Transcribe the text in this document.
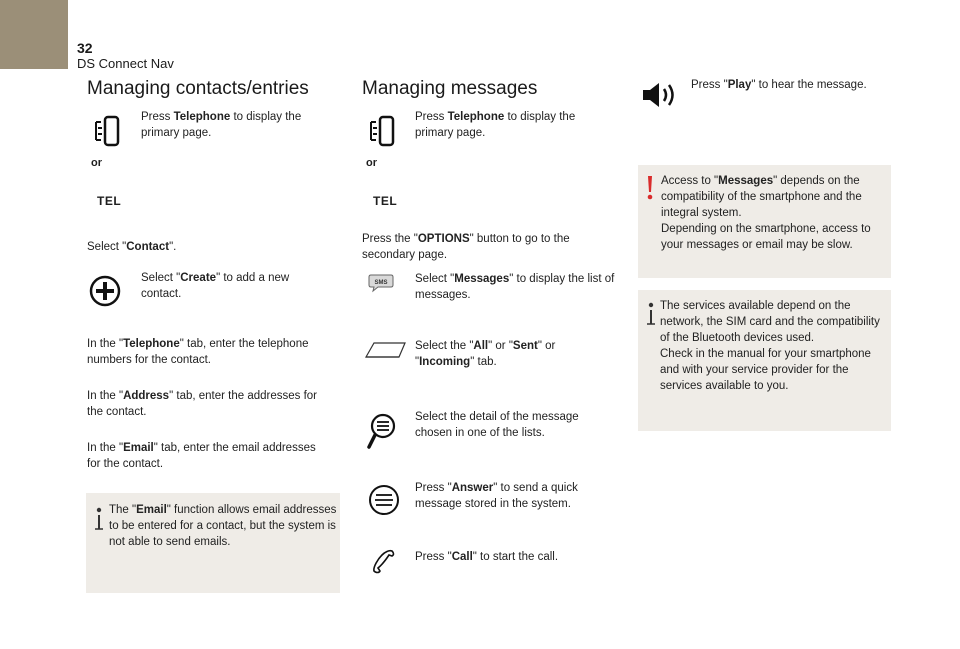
32
DS Connect Nav
Managing contacts/entries
Press Telephone to display the primary page.
or
TEL
Select "Contact".
Select "Create" to add a new contact.
In the "Telephone" tab, enter the telephone numbers for the contact.
In the "Address" tab, enter the addresses for the contact.
In the "Email" tab, enter the email addresses for the contact.
The "Email" function allows email addresses to be entered for a contact, but the system is not able to send emails.
Managing messages
Press Telephone to display the primary page.
or
TEL
Press the "OPTIONS" button to go to the secondary page.
SMS Select "Messages" to display the list of messages.
Select the "All" or "Sent" or "Incoming" tab.
Select the detail of the message chosen in one of the lists.
Press "Answer" to send a quick message stored in the system.
Press "Call" to start the call.
Press "Play" to hear the message.
Access to "Messages" depends on the compatibility of the smartphone and the integral system.
Depending on the smartphone, access to your messages or email may be slow.
The services available depend on the network, the SIM card and the compatibility of the Bluetooth devices used.
Check in the manual for your smartphone and with your service provider for the services available to you.
